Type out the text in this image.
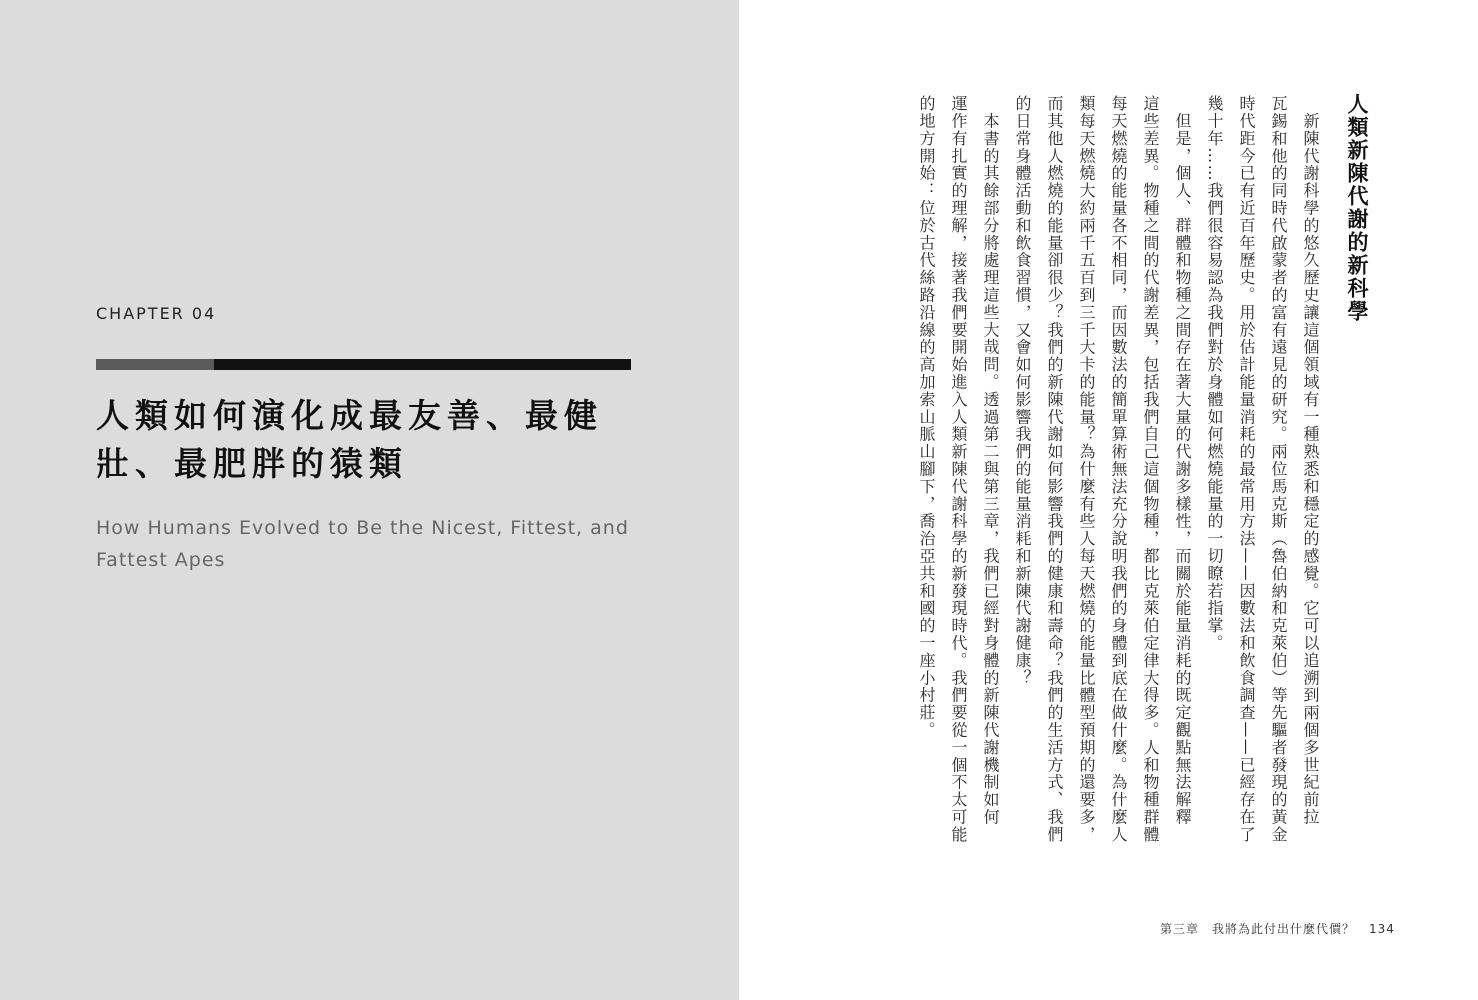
CHAPTER 04
人類如何演化成最友善、最健
壯、最肥胖的猿類
How Humans Evolved to Be the Nicest, Fittest, and
Fattest Apes
人類新陳代謝的新科學
　新陳代謝科學的悠久歷史讓這個領域有一種熟悉和穩定的感覺。它可以追溯到兩個多世紀前拉
瓦錫和他的同時代啟蒙者的富有遠見的研究。兩位馬克斯（魯伯納和克萊伯）等先驅者發現的黃金
時代距今已有近百年歷史。用於估計能量消耗的最常用方法——因數法和飲食調查——已經存在了
幾十年……我們很容易認為我們對於身體如何燃燒能量的一切瞭若指掌。
　但是，個人、群體和物種之間存在著大量的代謝多樣性，而關於能量消耗的既定觀點無法解釋
這些差異。物種之間的代謝差異，包括我們自己這個物種，都比克萊伯定律大得多。人和物種群體
每天燃燒的能量各不相同，而因數法的簡單算術無法充分說明我們的身體到底在做什麼。為什麼人
類每天燃燒大約兩千五百到三千大卡的能量？為什麼有些人每天燃燒的能量比體型預期的還要多，
而其他人燃燒的能量卻很少？我們的新陳代謝如何影響我們的健康和壽命？我們的生活方式、我們
的日常身體活動和飲食習慣，又會如何影響我們的能量消耗和新陳代謝健康？
　本書的其餘部分將處理這些大哉問。透過第二與第三章，我們已經對身體的新陳代謝機制如何
運作有扎實的理解，接著我們要開始進入人類新陳代謝科學的新發現時代。我們要從一個不太可能
的地方開始：位於古代絲路沿線的高加索山脈山腳下，喬治亞共和國的一座小村莊。
第三章　我將為此付出什麼代價？ 134
